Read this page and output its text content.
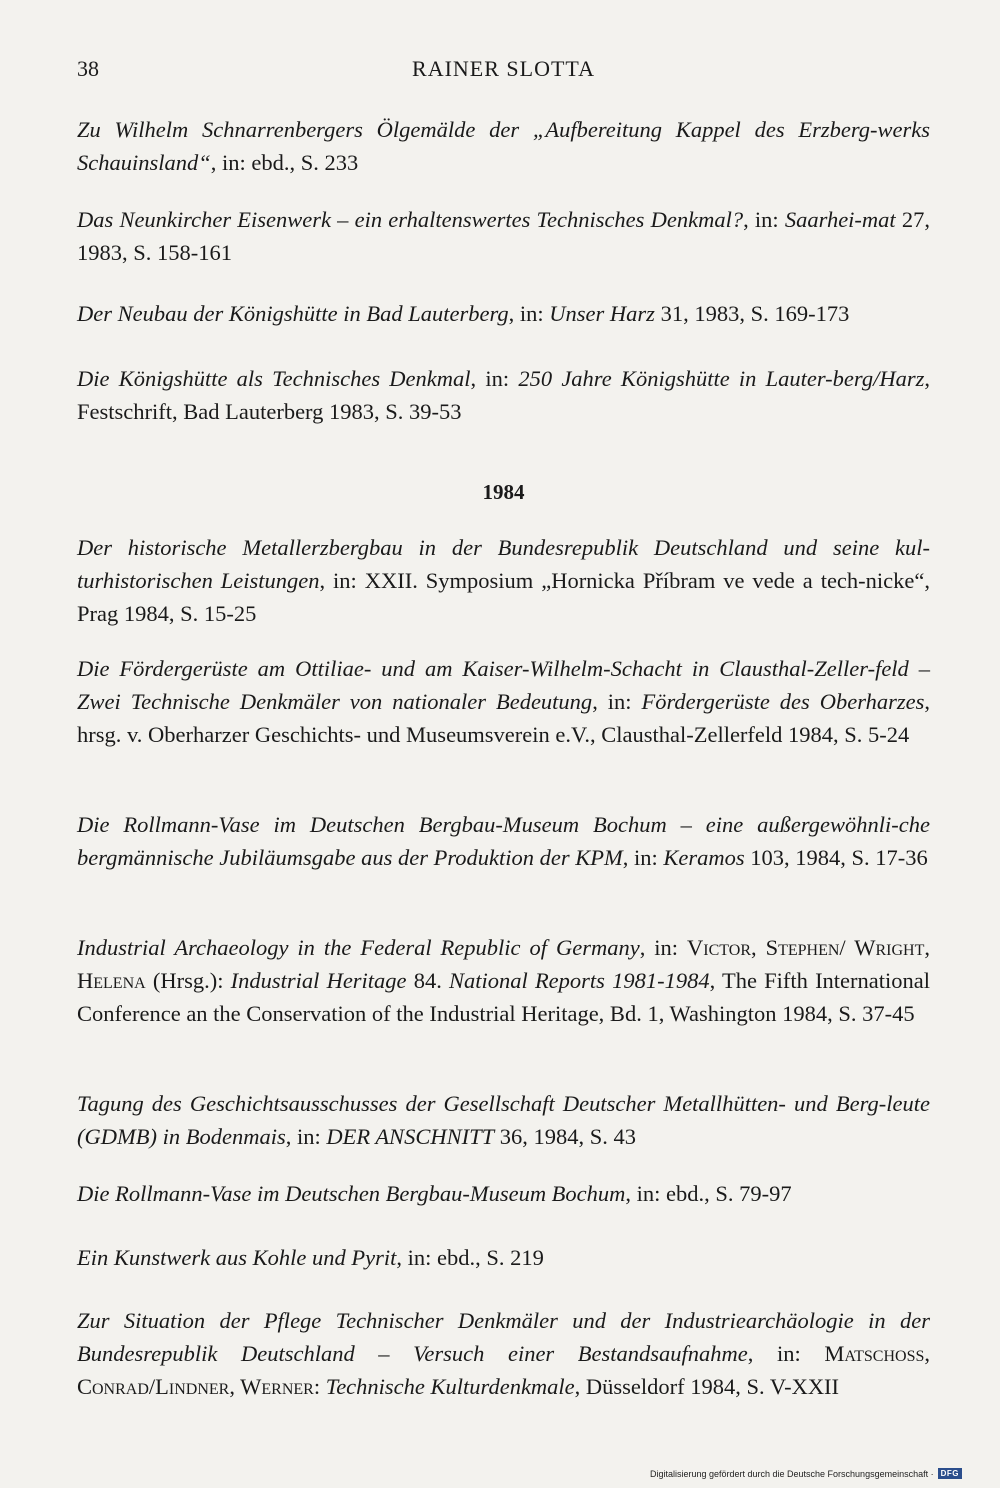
38	RAINER SLOTTA
Zu Wilhelm Schnarrenbergers Ölgemälde der „Aufbereitung Kappel des Erzberg-werks Schauinsland“, in: ebd., S. 233
Das Neunkircher Eisenwerk – ein erhaltenswertes Technisches Denkmal?, in: Saarhei-mat 27, 1983, S. 158-161
Der Neubau der Königshütte in Bad Lauterberg, in: Unser Harz 31, 1983, S. 169-173
Die Königshütte als Technisches Denkmal, in: 250 Jahre Königshütte in Lauter-berg/Harz, Festschrift, Bad Lauterberg 1983, S. 39-53
1984
Der historische Metallerzbergbau in der Bundesrepublik Deutschland und seine kul-turhistorischen Leistungen, in: XXII. Symposium „Hornicka Příbram ve vede a tech-nicke“, Prag 1984, S. 15-25
Die Fördergerüste am Ottiliae- und am Kaiser-Wilhelm-Schacht in Clausthal-Zeller-feld – Zwei Technische Denkmäler von nationaler Bedeutung, in: Fördergerüste des Oberharzes, hrsg. v. Oberharzer Geschichts- und Museumsverein e.V., Clausthal-Zellerfeld 1984, S. 5-24
Die Rollmann-Vase im Deutschen Bergbau-Museum Bochum – eine außergewöhnli-che bergmännische Jubiläumsgabe aus der Produktion der KPM, in: Keramos 103, 1984, S. 17-36
Industrial Archaeology in the Federal Republic of Germany, in: Victor, Stephen/ Wright, Helena (Hrsg.): Industrial Heritage 84. National Reports 1981-1984, The Fifth International Conference an the Conservation of the Industrial Heritage, Bd. 1, Washington 1984, S. 37-45
Tagung des Geschichtsausschusses der Gesellschaft Deutscher Metallhütten- und Berg-leute (GDMB) in Bodenmais, in: DER ANSCHNITT 36, 1984, S. 43
Die Rollmann-Vase im Deutschen Bergbau-Museum Bochum, in: ebd., S. 79-97
Ein Kunstwerk aus Kohle und Pyrit, in: ebd., S. 219
Zur Situation der Pflege Technischer Denkmäler und der Industriearchäologie in der Bundesrepublik Deutschland – Versuch einer Bestandsaufnahme, in: Matschoss, Conrad/Lindner, Werner: Technische Kulturdenkmale, Düsseldorf 1984, S. V-XXII
Digitalisierung gefördert durch die Deutsche Forschungsgemeinschaft · DFG
